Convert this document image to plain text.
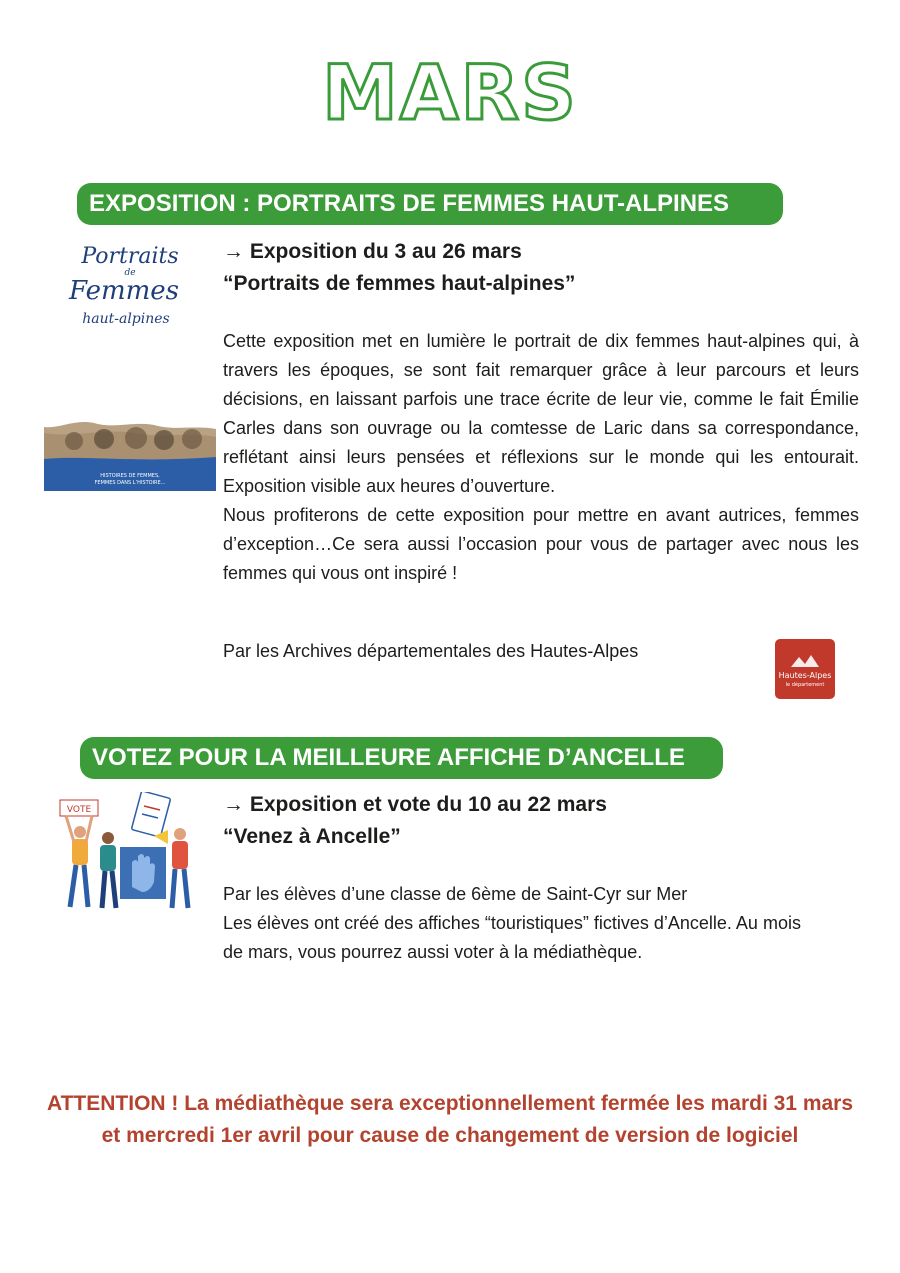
MARS
EXPOSITION : PORTRAITS DE FEMMES HAUT-ALPINES
Portraits
de
Femmes
haut-alpines
HISTOIRES DE FEMMES,
FEMMES DANS L’HISTOIRE...
→ Exposition du 3 au 26 mars
“Portraits de femmes haut-alpines”

Cette exposition met en lumière le portrait de dix femmes haut-alpines qui, à travers les époques, se sont fait remarquer grâce à leur parcours et leurs décisions, en laissant parfois une trace écrite de leur vie, comme le fait Émilie Carles dans son ouvrage ou la comtesse de Laric dans sa correspondance, reflétant ainsi leurs pensées et réflexions sur le monde qui les entourait. Exposition visible aux heures d’ouverture.

Nous profiterons de cette exposition pour mettre en avant autrices, femmes d’exception…Ce sera aussi l’occasion pour vous de partager avec nous les femmes qui vous ont inspiré !

Par les Archives départementales des Hautes-Alpes
Hautes-Alpes
le département
VOTEZ POUR LA MEILLEURE AFFICHE D’ANCELLE
VOTE	→ Exposition et vote du 10 au 22 mars
“Venez à Ancelle”

Par les élèves d’une classe de 6ème de Saint-Cyr sur Mer

Les élèves ont créé des affiches “touristiques” fictives d’Ancelle. Au mois de mars, vous pourrez aussi voter à la médiathèque.

ATTENTION ! La médiathèque sera exceptionnellement fermée les mardi 31 mars et mercredi 1er avril pour cause de changement de version de logiciel
